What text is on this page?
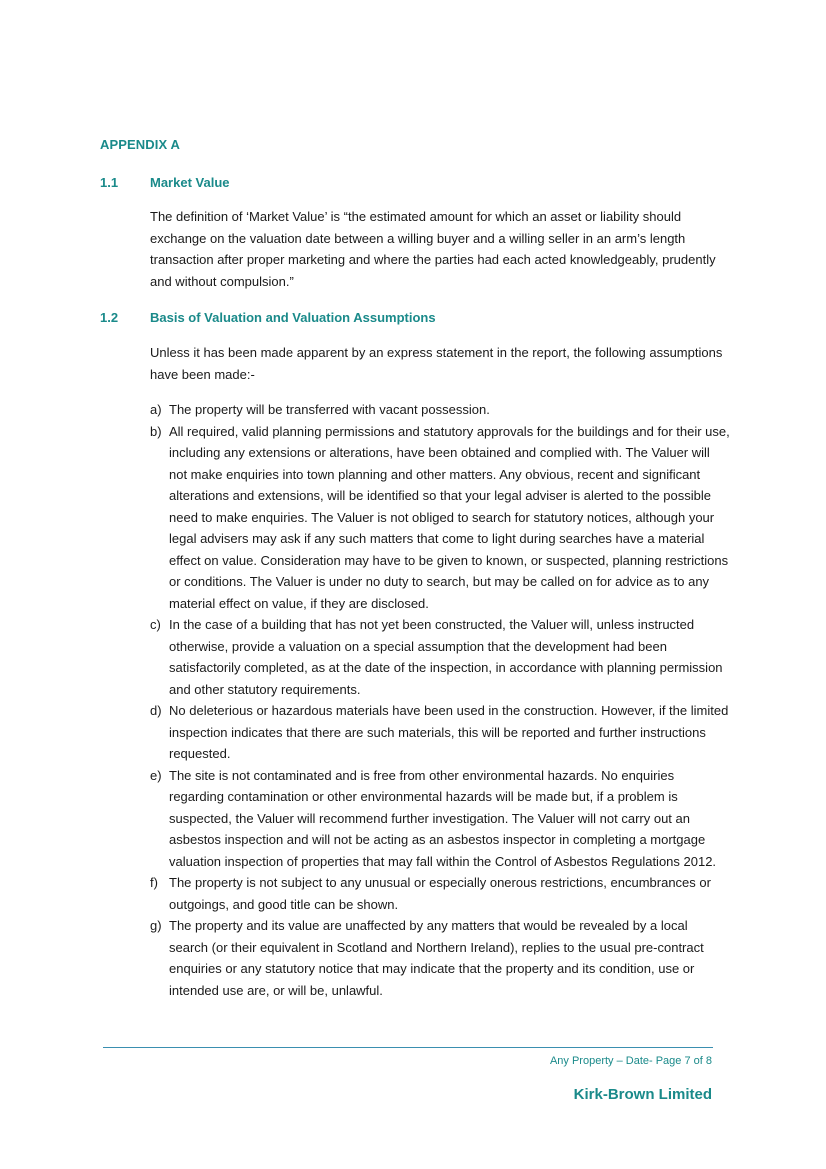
APPENDIX A
1.1 Market Value
The definition of ‘Market Value’ is “the estimated amount for which an asset or liability should exchange on the valuation date between a willing buyer and a willing seller in an arm’s length transaction after proper marketing and where the parties had each acted knowledgeably, prudently and without compulsion.”
1.2 Basis of Valuation and Valuation Assumptions
Unless it has been made apparent by an express statement in the report, the following assumptions have been made:-
a) The property will be transferred with vacant possession.
b) All required, valid planning permissions and statutory approvals for the buildings and for their use, including any extensions or alterations, have been obtained and complied with. The Valuer will not make enquiries into town planning and other matters. Any obvious, recent and significant alterations and extensions, will be identified so that your legal adviser is alerted to the possible need to make enquiries. The Valuer is not obliged to search for statutory notices, although your legal advisers may ask if any such matters that come to light during searches have a material effect on value. Consideration may have to be given to known, or suspected, planning restrictions or conditions. The Valuer is under no duty to search, but may be called on for advice as to any material effect on value, if they are disclosed.
c) In the case of a building that has not yet been constructed, the Valuer will, unless instructed otherwise, provide a valuation on a special assumption that the development had been satisfactorily completed, as at the date of the inspection, in accordance with planning permission and other statutory requirements.
d) No deleterious or hazardous materials have been used in the construction. However, if the limited inspection indicates that there are such materials, this will be reported and further instructions requested.
e) The site is not contaminated and is free from other environmental hazards. No enquiries regarding contamination or other environmental hazards will be made but, if a problem is suspected, the Valuer will recommend further investigation. The Valuer will not carry out an asbestos inspection and will not be acting as an asbestos inspector in completing a mortgage valuation inspection of properties that may fall within the Control of Asbestos Regulations 2012.
f) The property is not subject to any unusual or especially onerous restrictions, encumbrances or outgoings, and good title can be shown.
g) The property and its value are unaffected by any matters that would be revealed by a local search (or their equivalent in Scotland and Northern Ireland), replies to the usual pre-contract enquiries or any statutory notice that may indicate that the property and its condition, use or intended use are, or will be, unlawful.
Any Property – Date- Page 7 of 8
Kirk-Brown Limited
